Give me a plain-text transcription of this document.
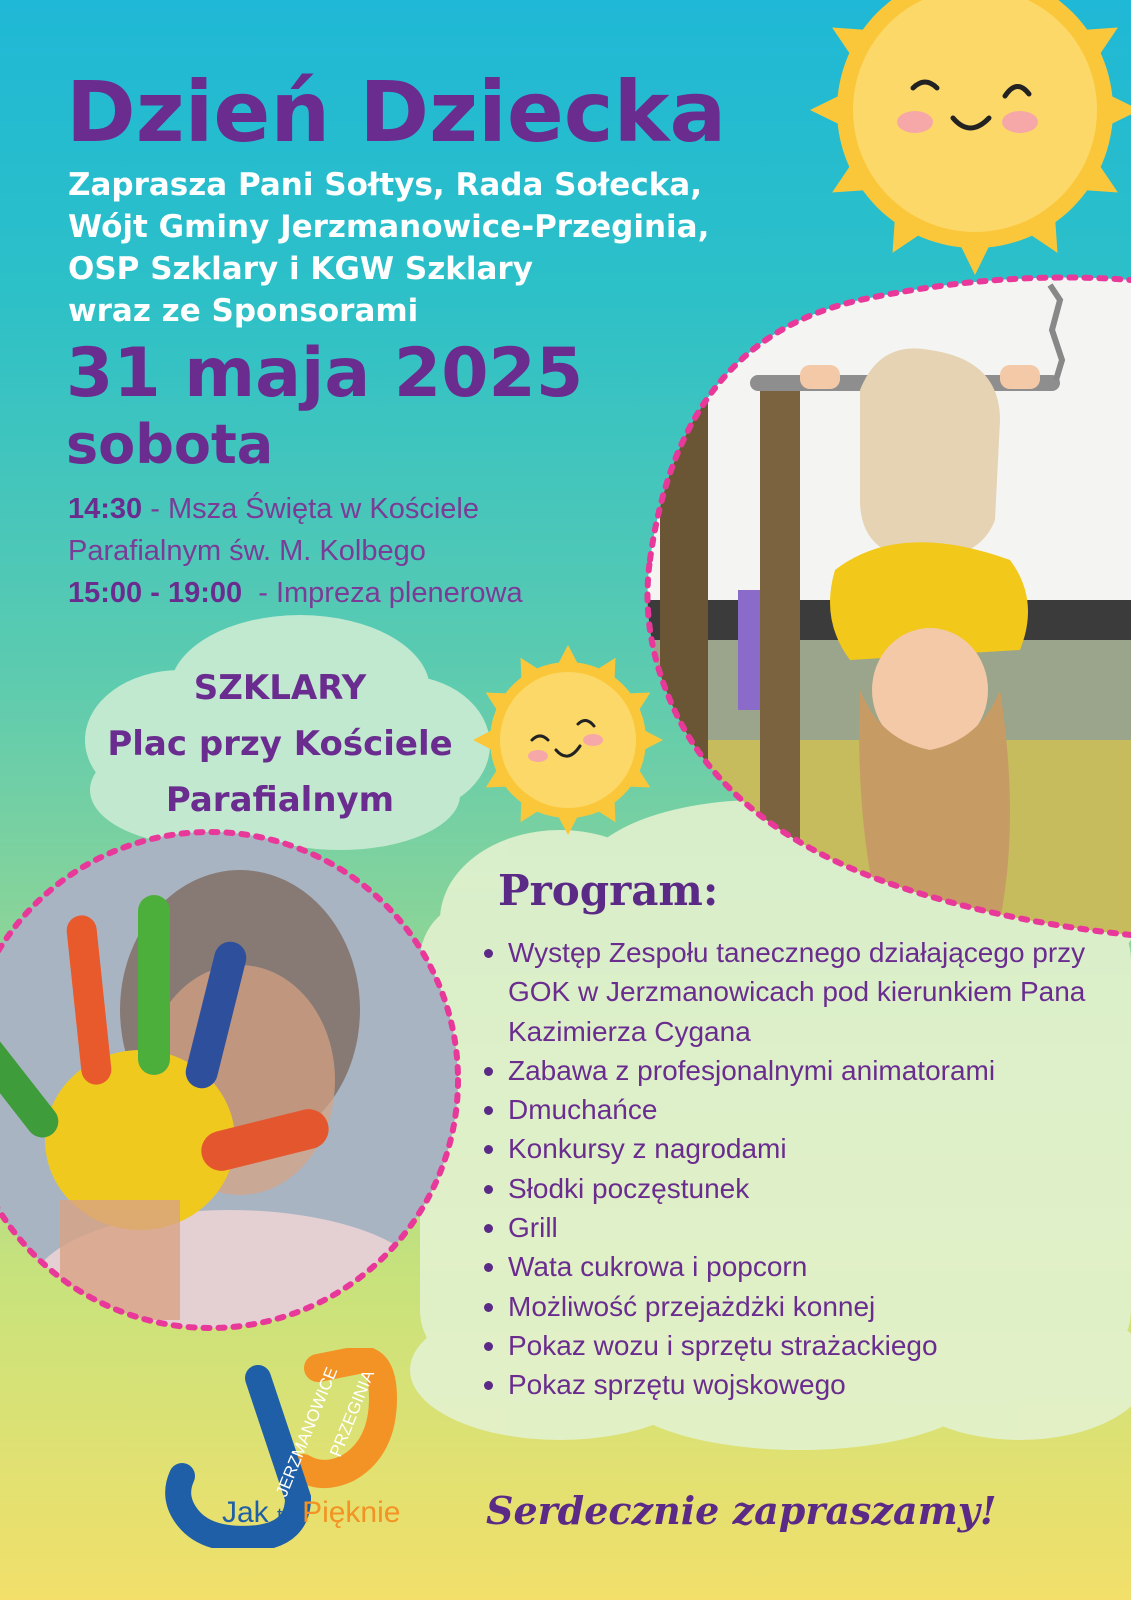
Dzień Dziecka
Zaprasza Pani Sołtys, Rada Sołecka,
Wójt Gminy Jerzmanowice-Przeginia,
OSP Szklary i KGW Szklary
wraz ze Sponsorami
31 maja 2025
sobota
14:30 - Msza Święta w Kościele
Parafialnym św. M. Kolbego
15:00 - 19:00  - Impreza plenerowa
SZKLARY
Plac przy Kościele
Parafialnym
Program:
Występ Zespołu tanecznego działającego przy GOK w Jerzmanowicach pod kierunkiem Pana Kazimierza Cygana
Zabawa z profesjonalnymi animatorami
Dmuchańce
Konkursy z nagrodami
Słodki poczęstunek
Grill
Wata cukrowa i popcorn
Możliwość przejażdżki konnej
Pokaz wozu i sprzętu strażackiego
Pokaz sprzętu wojskowego
JERZMANOWICE
PRZEGINIA
Jak tu Pięknie Serdecznie zapraszamy!
